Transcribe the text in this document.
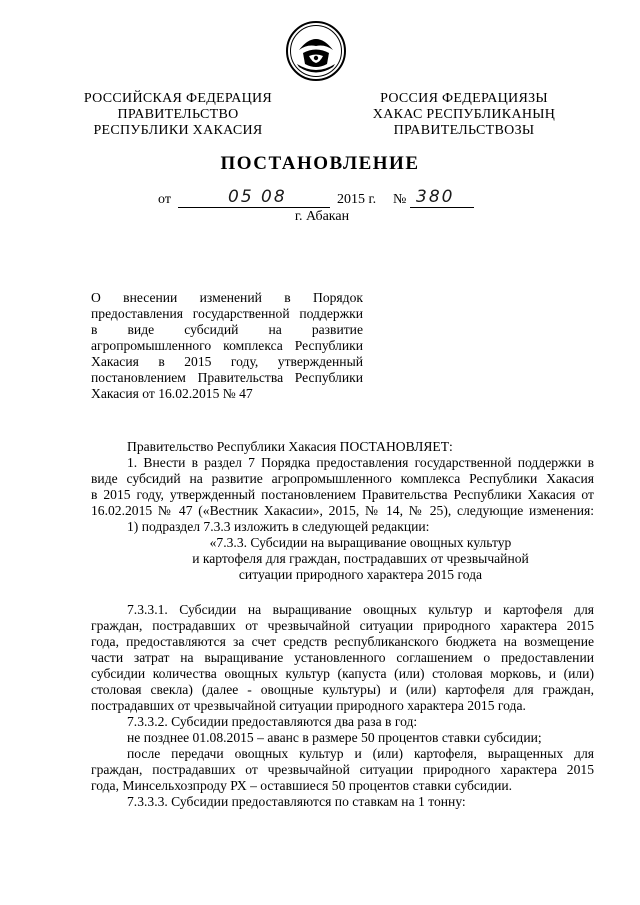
РОССИЙСКАЯ ФЕДЕРАЦИЯ
ПРАВИТЕЛЬСТВО
РЕСПУБЛИКИ ХАКАСИЯ
РОССИЯ ФЕДЕРАЦИЯЗЫ
ХАКАС РЕСПУБЛИКАНЫҢ
ПРАВИТЕЛЬСТВОЗЫ
ПОСТАНОВЛЕНИЕ
от	05 08	2015 г. № 380
г. Абакан
О внесении изменений в Порядок
предоставления государственной поддержки
в виде субсидий на развитие
агропромышленного комплекса Республики
Хакасия в 2015 году, утвержденный
постановлением Правительства Республики
Хакасия от 16.02.2015 № 47
Правительство Республики Хакасия ПОСТАНОВЛЯЕТ:
1. Внести в раздел 7 Порядка предоставления государственной поддержки в
виде субсидий на развитие агропромышленного комплекса Республики Хакасия
в 2015 году, утвержденный постановлением Правительства Республики Хакасия от
16.02.2015 № 47 («Вестник Хакасии», 2015, № 14, № 25), следующие изменения:
1) подраздел 7.3.3 изложить в следующей редакции:
«7.3.3. Субсидии на выращивание овощных культур
и картофеля для граждан, пострадавших от чрезвычайной
ситуации природного характера 2015 года
7.3.3.1. Субсидии на выращивание овощных культур и картофеля для
граждан, пострадавших от чрезвычайной ситуации природного характера 2015
года, предоставляются за счет средств республиканского бюджета на возмещение
части затрат на выращивание установленного соглашением о предоставлении
субсидии количества овощных культур (капуста (или) столовая морковь, и (или)
столовая свекла) (далее - овощные культуры) и (или) картофеля для граждан,
пострадавших от чрезвычайной ситуации природного характера 2015 года.
7.3.3.2. Субсидии предоставляются два раза в год:
не позднее 01.08.2015 – аванс в размере 50 процентов ставки субсидии;
после передачи овощных культур и (или) картофеля, выращенных для
граждан, пострадавших от чрезвычайной ситуации природного характера 2015
года, Минсельхозпроду РХ – оставшиеся 50 процентов ставки субсидии.
7.3.3.3. Субсидии предоставляются по ставкам на 1 тонну:
